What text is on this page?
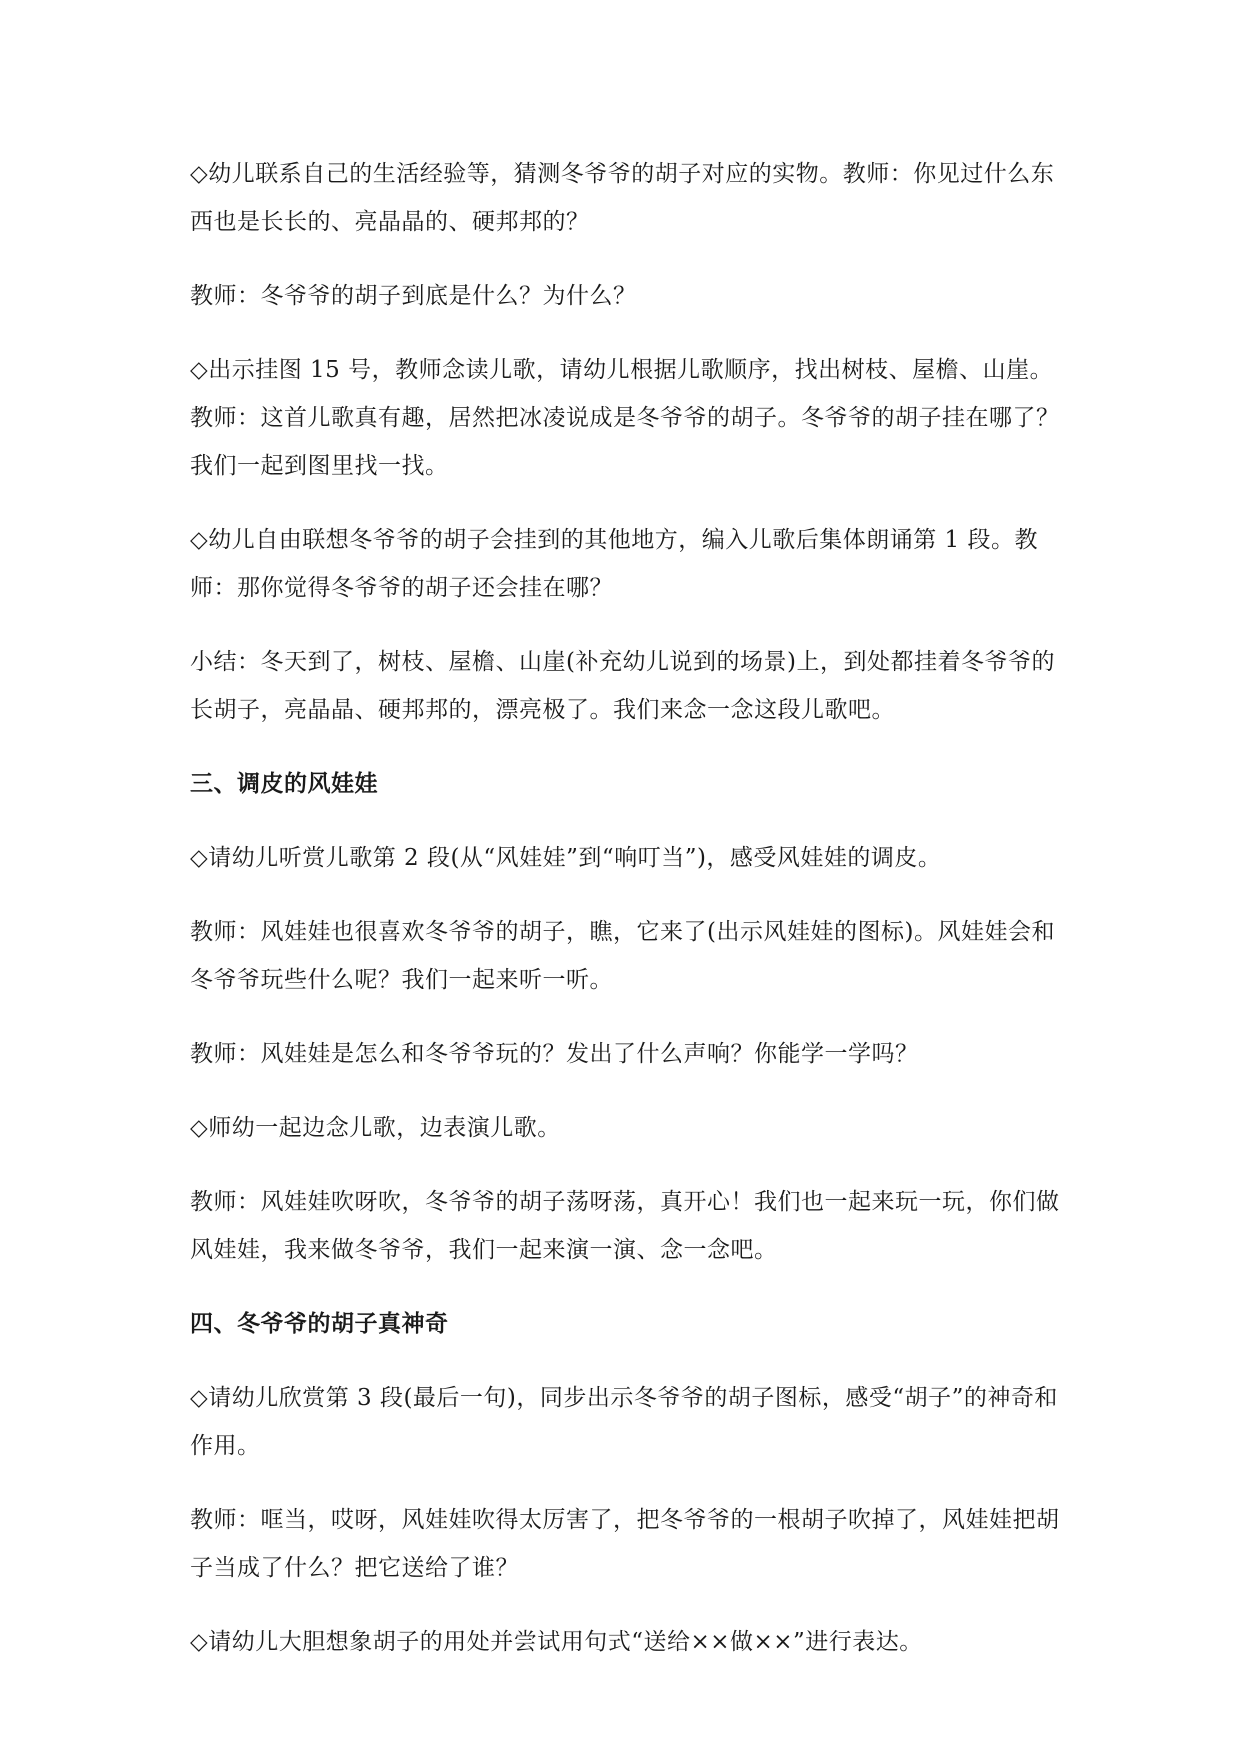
◇幼儿联系自己的生活经验等，猜测冬爷爷的胡子对应的实物。教师：你见过什么东西也是长长的、亮晶晶的、硬邦邦的？

教师：冬爷爷的胡子到底是什么？为什么？

◇出示挂图 15 号，教师念读儿歌，请幼儿根据儿歌顺序，找出树枝、屋檐、山崖。教师：这首儿歌真有趣，居然把冰凌说成是冬爷爷的胡子。冬爷爷的胡子挂在哪了？我们一起到图里找一找。

◇幼儿自由联想冬爷爷的胡子会挂到的其他地方，编入儿歌后集体朗诵第 1 段。教师：那你觉得冬爷爷的胡子还会挂在哪？

小结：冬天到了，树枝、屋檐、山崖(补充幼儿说到的场景)上，到处都挂着冬爷爷的长胡子，亮晶晶、硬邦邦的，漂亮极了。我们来念一念这段儿歌吧。

三、调皮的风娃娃

◇请幼儿听赏儿歌第 2 段(从“风娃娃”到“响叮当”)，感受风娃娃的调皮。

教师：风娃娃也很喜欢冬爷爷的胡子，瞧，它来了(出示风娃娃的图标)。风娃娃会和冬爷爷玩些什么呢？我们一起来听一听。

教师：风娃娃是怎么和冬爷爷玩的？发出了什么声响？你能学一学吗？

◇师幼一起边念儿歌，边表演儿歌。

教师：风娃娃吹呀吹，冬爷爷的胡子荡呀荡，真开心！我们也一起来玩一玩，你们做风娃娃，我来做冬爷爷，我们一起来演一演、念一念吧。

四、冬爷爷的胡子真神奇

◇请幼儿欣赏第 3 段(最后一句)，同步出示冬爷爷的胡子图标，感受“胡子”的神奇和作用。

教师：哐当，哎呀，风娃娃吹得太厉害了，把冬爷爷的一根胡子吹掉了，风娃娃把胡子当成了什么？把它送给了谁？

◇请幼儿大胆想象胡子的用处并尝试用句式“送给××做××”进行表达。
